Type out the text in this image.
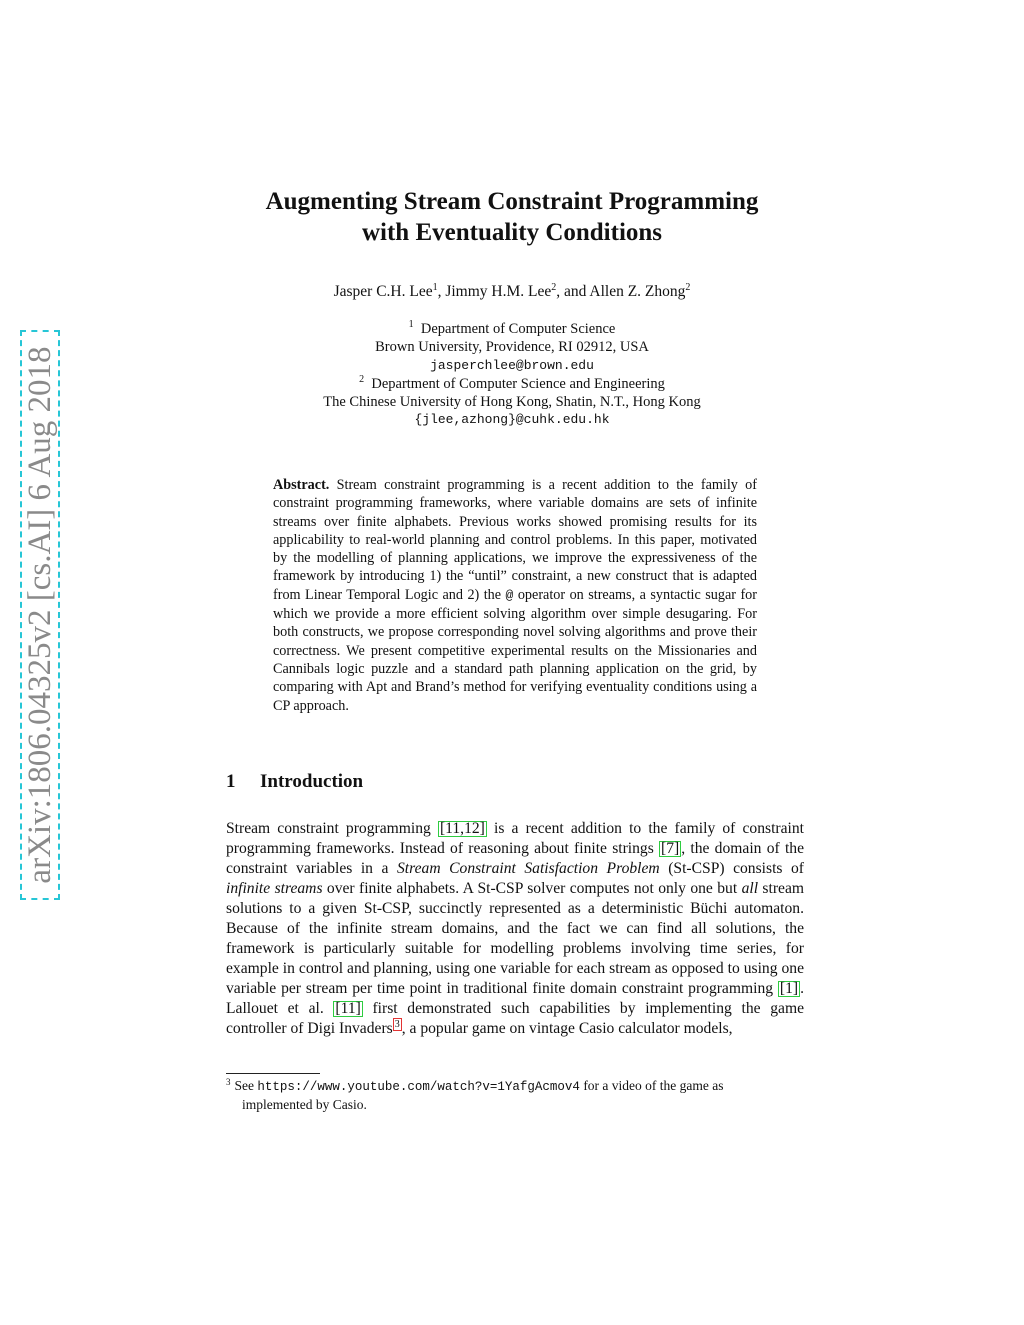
arXiv:1806.04325v2 [cs.AI] 6 Aug 2018
Augmenting Stream Constraint Programming
with Eventuality Conditions
Jasper C.H. Lee$^1$, Jimmy H.M. Lee$^2$, and Allen Z. Zhong$^2$
$^1$ Department of Computer Science
Brown University, Providence, RI 02912, USA
jasperchlee@brown.edu
$^2$ Department of Computer Science and Engineering
The Chinese University of Hong Kong, Shatin, N.T., Hong Kong
{jlee,azhong}@cuhk.edu.hk
Abstract. Stream constraint programming is a recent addition to the family of constraint programming frameworks, where variable domains are sets of infinite streams over finite alphabets. Previous works showed promising results for its applicability to real-world planning and control problems. In this paper, motivated by the modelling of planning applications, we improve the expressiveness of the framework by introducing 1) the “until” constraint, a new construct that is adapted from Linear Temporal Logic and 2) the @ operator on streams, a syntactic sugar for which we provide a more efficient solving algorithm over simple desugaring. For both constructs, we propose corresponding novel solving algorithms and prove their correctness. We present competitive experimental results on the Missionaries and Cannibals logic puzzle and a standard path planning application on the grid, by comparing with Apt and Brand’s method for verifying eventuality conditions using a CP approach.
1 Introduction
Stream constraint programming [11,12] is a recent addition to the family of constraint programming frameworks. Instead of reasoning about finite strings [7] , the domain of the constraint variables in a Stream Constraint Satisfaction Problem (St-CSP) consists of infinite streams over finite alphabets. A St-CSP solver computes not only one but all stream solutions to a given St-CSP, succinctly represented as a deterministic Büchi automaton. Because of the infinite stream domains, and the fact we can find all solutions, the framework is particularly suitable for modelling problems involving time series, for example in control and planning, using one variable for each stream as opposed to using one variable per stream per time point in traditional finite domain constraint programming [1] . Lallouet et al. [11] first demonstrated such capabilities by implementing the game controller of Digi Invaders $^3$ , a popular game on vintage Casio calculator models,
$^3$ See https://www.youtube.com/watch?v=1YafgAcmov4 for a video of the game as
implemented by Casio.
